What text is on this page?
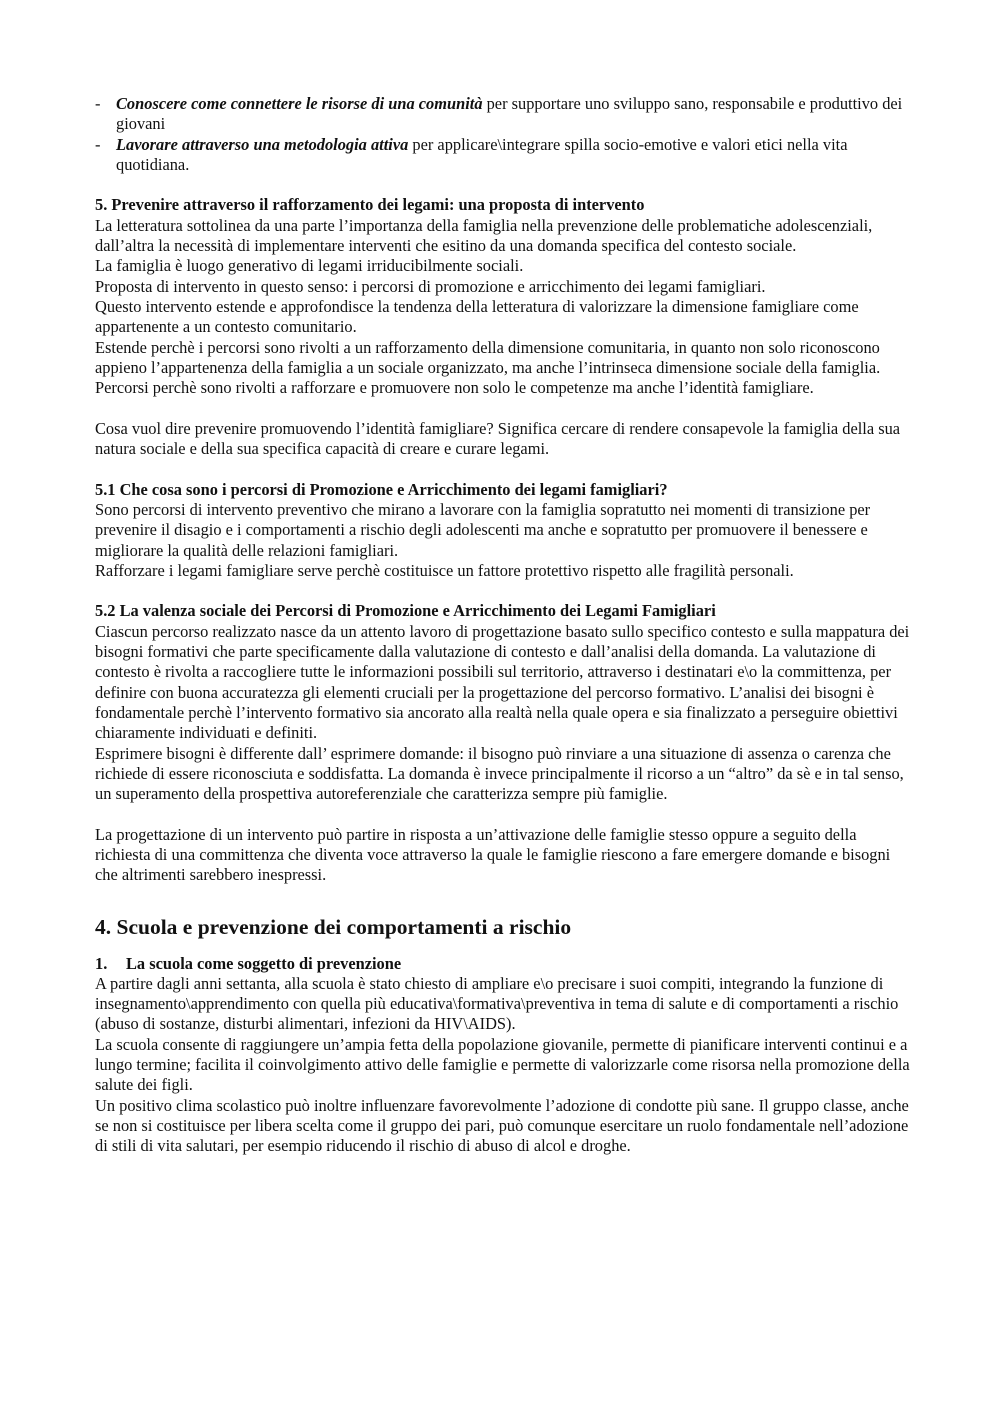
- Conoscere come connettere le risorse di una comunità per supportare uno sviluppo sano, responsabile e produttivo dei giovani
- Lavorare attraverso una metodologia attiva per applicare\integrare spilla socio-emotive e valori etici nella vita quotidiana.

5. Prevenire attraverso il rafforzamento dei legami: una proposta di intervento

La letteratura sottolinea da una parte l’importanza della famiglia nella prevenzione delle problematiche adolescenziali, dall’altra la necessità di implementare interventi che esitino da una domanda specifica del contesto sociale.

La famiglia è luogo generativo di legami irriducibilmente sociali.

Proposta di intervento in questo senso: i percorsi di promozione e arricchimento dei legami famigliari.

Questo intervento estende e approfondisce la tendenza della letteratura di valorizzare la dimensione famigliare come appartenente a un contesto comunitario.

Estende perchè i percorsi sono rivolti a un rafforzamento della dimensione comunitaria, in quanto non solo riconoscono appieno l’appartenenza della famiglia a un sociale organizzato, ma anche l’intrinseca dimensione sociale della famiglia.

Percorsi perchè sono rivolti a rafforzare e promuovere non solo le competenze ma anche l’identità famigliare.

Cosa vuol dire prevenire promuovendo l’identità famigliare? Significa cercare di rendere consapevole la famiglia della sua natura sociale e della sua specifica capacità di creare e curare legami.

5.1 Che cosa sono i percorsi di Promozione e Arricchimento dei legami famigliari?

Sono percorsi di intervento preventivo che mirano a lavorare con la famiglia sopratutto nei momenti di transizione per prevenire il disagio e i comportamenti a rischio degli adolescenti ma anche e sopratutto per promuovere il benessere e migliorare la qualità delle relazioni famigliari.

Rafforzare i legami famigliare serve perchè costituisce un fattore protettivo rispetto alle fragilità personali.

5.2 La valenza sociale dei Percorsi di Promozione e Arricchimento dei Legami Famigliari

Ciascun percorso realizzato nasce da un attento lavoro di progettazione basato sullo specifico contesto e sulla mappatura dei bisogni formativi che parte specificamente dalla valutazione di contesto e dall’analisi della domanda. La valutazione di contesto è rivolta a raccogliere tutte le informazioni possibili sul territorio, attraverso i destinatari e\o la committenza, per definire con buona accuratezza gli elementi cruciali per la progettazione del percorso formativo. L’analisi dei bisogni è fondamentale perchè l’intervento formativo sia ancorato alla realtà nella quale opera e sia finalizzato a perseguire obiettivi chiaramente individuati e definiti.

Esprimere bisogni è differente dall’ esprimere domande: il bisogno può rinviare a una situazione di assenza o carenza che richiede di essere riconosciuta e soddisfatta. La domanda è invece principalmente il ricorso a un “altro” da sè e in tal senso, un superamento della prospettiva autoreferenziale che caratterizza sempre più famiglie.

La progettazione di un intervento può partire in risposta a un’attivazione delle famiglie stesso oppure a seguito della richiesta di una committenza che diventa voce attraverso la quale le famiglie riescono a fare emergere domande e bisogni che altrimenti sarebbero inespressi.

4. Scuola e prevenzione dei comportamenti a rischio

1. La scuola come soggetto di prevenzione

A partire dagli anni settanta, alla scuola è stato chiesto di ampliare e\o precisare i suoi compiti, integrando la funzione di insegnamento\apprendimento con quella più educativa\formativa\preventiva in tema di salute e di comportamenti a rischio (abuso di sostanze, disturbi alimentari, infezioni da HIV\AIDS).

La scuola consente di raggiungere un’ampia fetta della popolazione giovanile, permette di pianificare interventi continui e a lungo termine; facilita il coinvolgimento attivo delle famiglie e permette di valorizzarle come risorsa nella promozione della salute dei figli.

Un positivo clima scolastico può inoltre influenzare favorevolmente l’adozione di condotte più sane. Il gruppo classe, anche se non si costituisce per libera scelta come il gruppo dei pari, può comunque esercitare un ruolo fondamentale nell’adozione di stili di vita salutari, per esempio riducendo il rischio di abuso di alcol e droghe.
